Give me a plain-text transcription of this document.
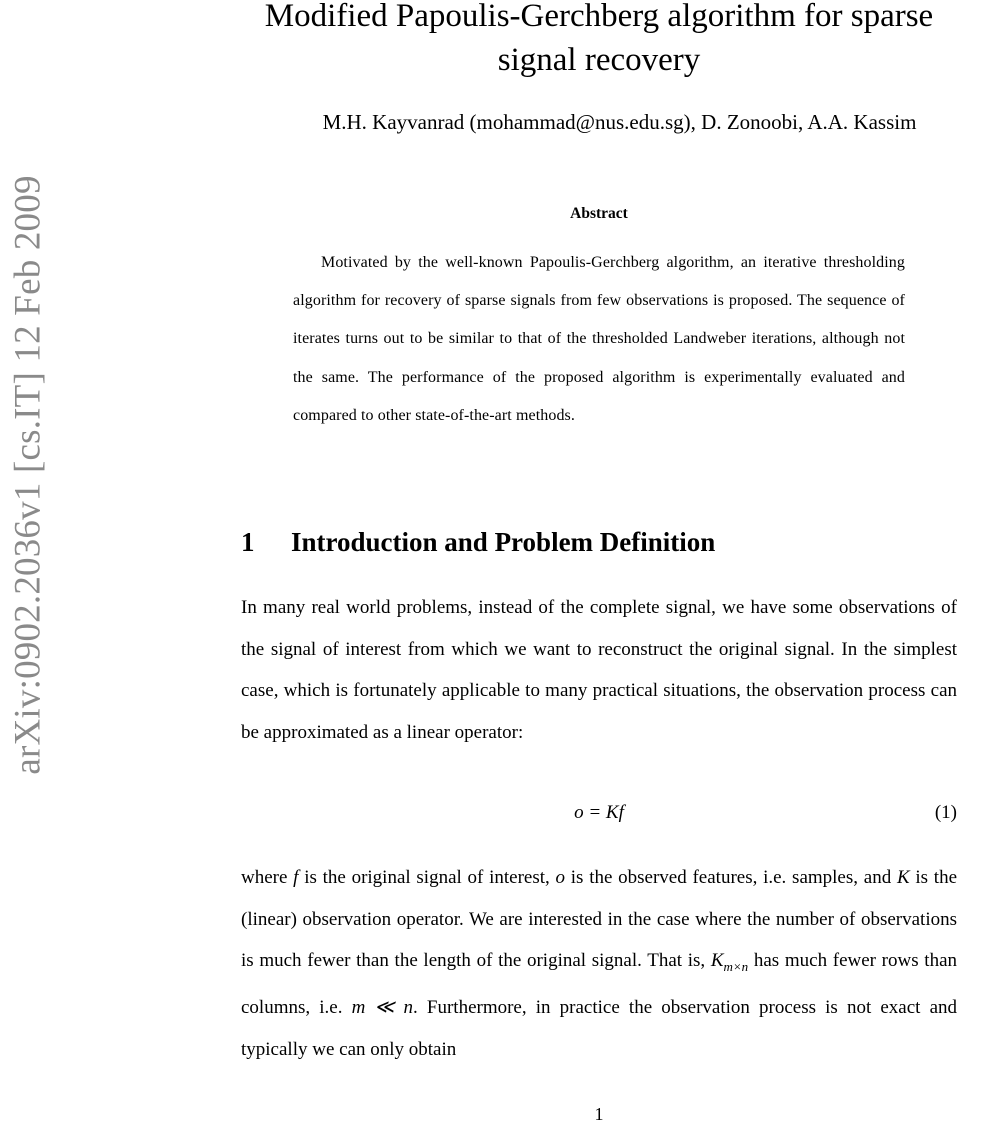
arXiv:0902.2036v1 [cs.IT] 12 Feb 2009
Modified Papoulis-Gerchberg algorithm for sparse signal recovery
M.H. Kayvanrad (mohammad@nus.edu.sg), D. Zonoobi, A.A. Kassim
Abstract
Motivated by the well-known Papoulis-Gerchberg algorithm, an iterative thresholding algorithm for recovery of sparse signals from few observations is proposed. The sequence of iterates turns out to be similar to that of the thresholded Landweber iterations, although not the same. The performance of the proposed algorithm is experimentally evaluated and compared to other state-of-the-art methods.
1 Introduction and Problem Definition
In many real world problems, instead of the complete signal, we have some observations of the signal of interest from which we want to reconstruct the original signal. In the simplest case, which is fortunately applicable to many practical situations, the observation process can be approximated as a linear operator:
o = Kf	(1)
where f is the original signal of interest, o is the observed features, i.e. samples, and K is the (linear) observation operator. We are interested in the case where the number of observations is much fewer than the length of the original signal. That is, $K_{m\times n}$ has much fewer rows than columns, i.e. m ≪ n. Furthermore, in practice the observation process is not exact and typically we can only obtain
1
